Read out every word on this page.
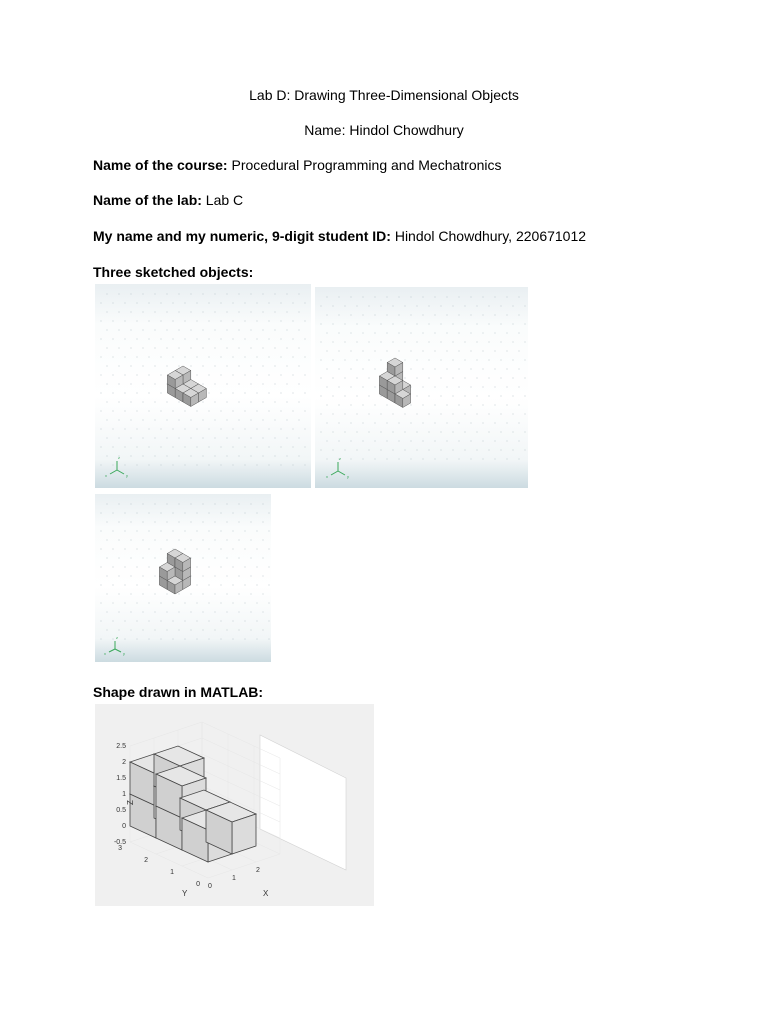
Lab D: Drawing Three-Dimensional Objects
Name: Hindol Chowdhury
Name of the course: Procedural Programming and Mechatronics
Name of the lab: Lab C
My name and my numeric, 9-digit student ID: Hindol Chowdhury, 220671012
Three sketched objects:
x	y
z
x	y
z
x	y
z
Shape drawn in MATLAB:
2.5
2
1.5
1
0.5
0
-0.5
3
2
1
0 0
1
2
Z
Y	X
